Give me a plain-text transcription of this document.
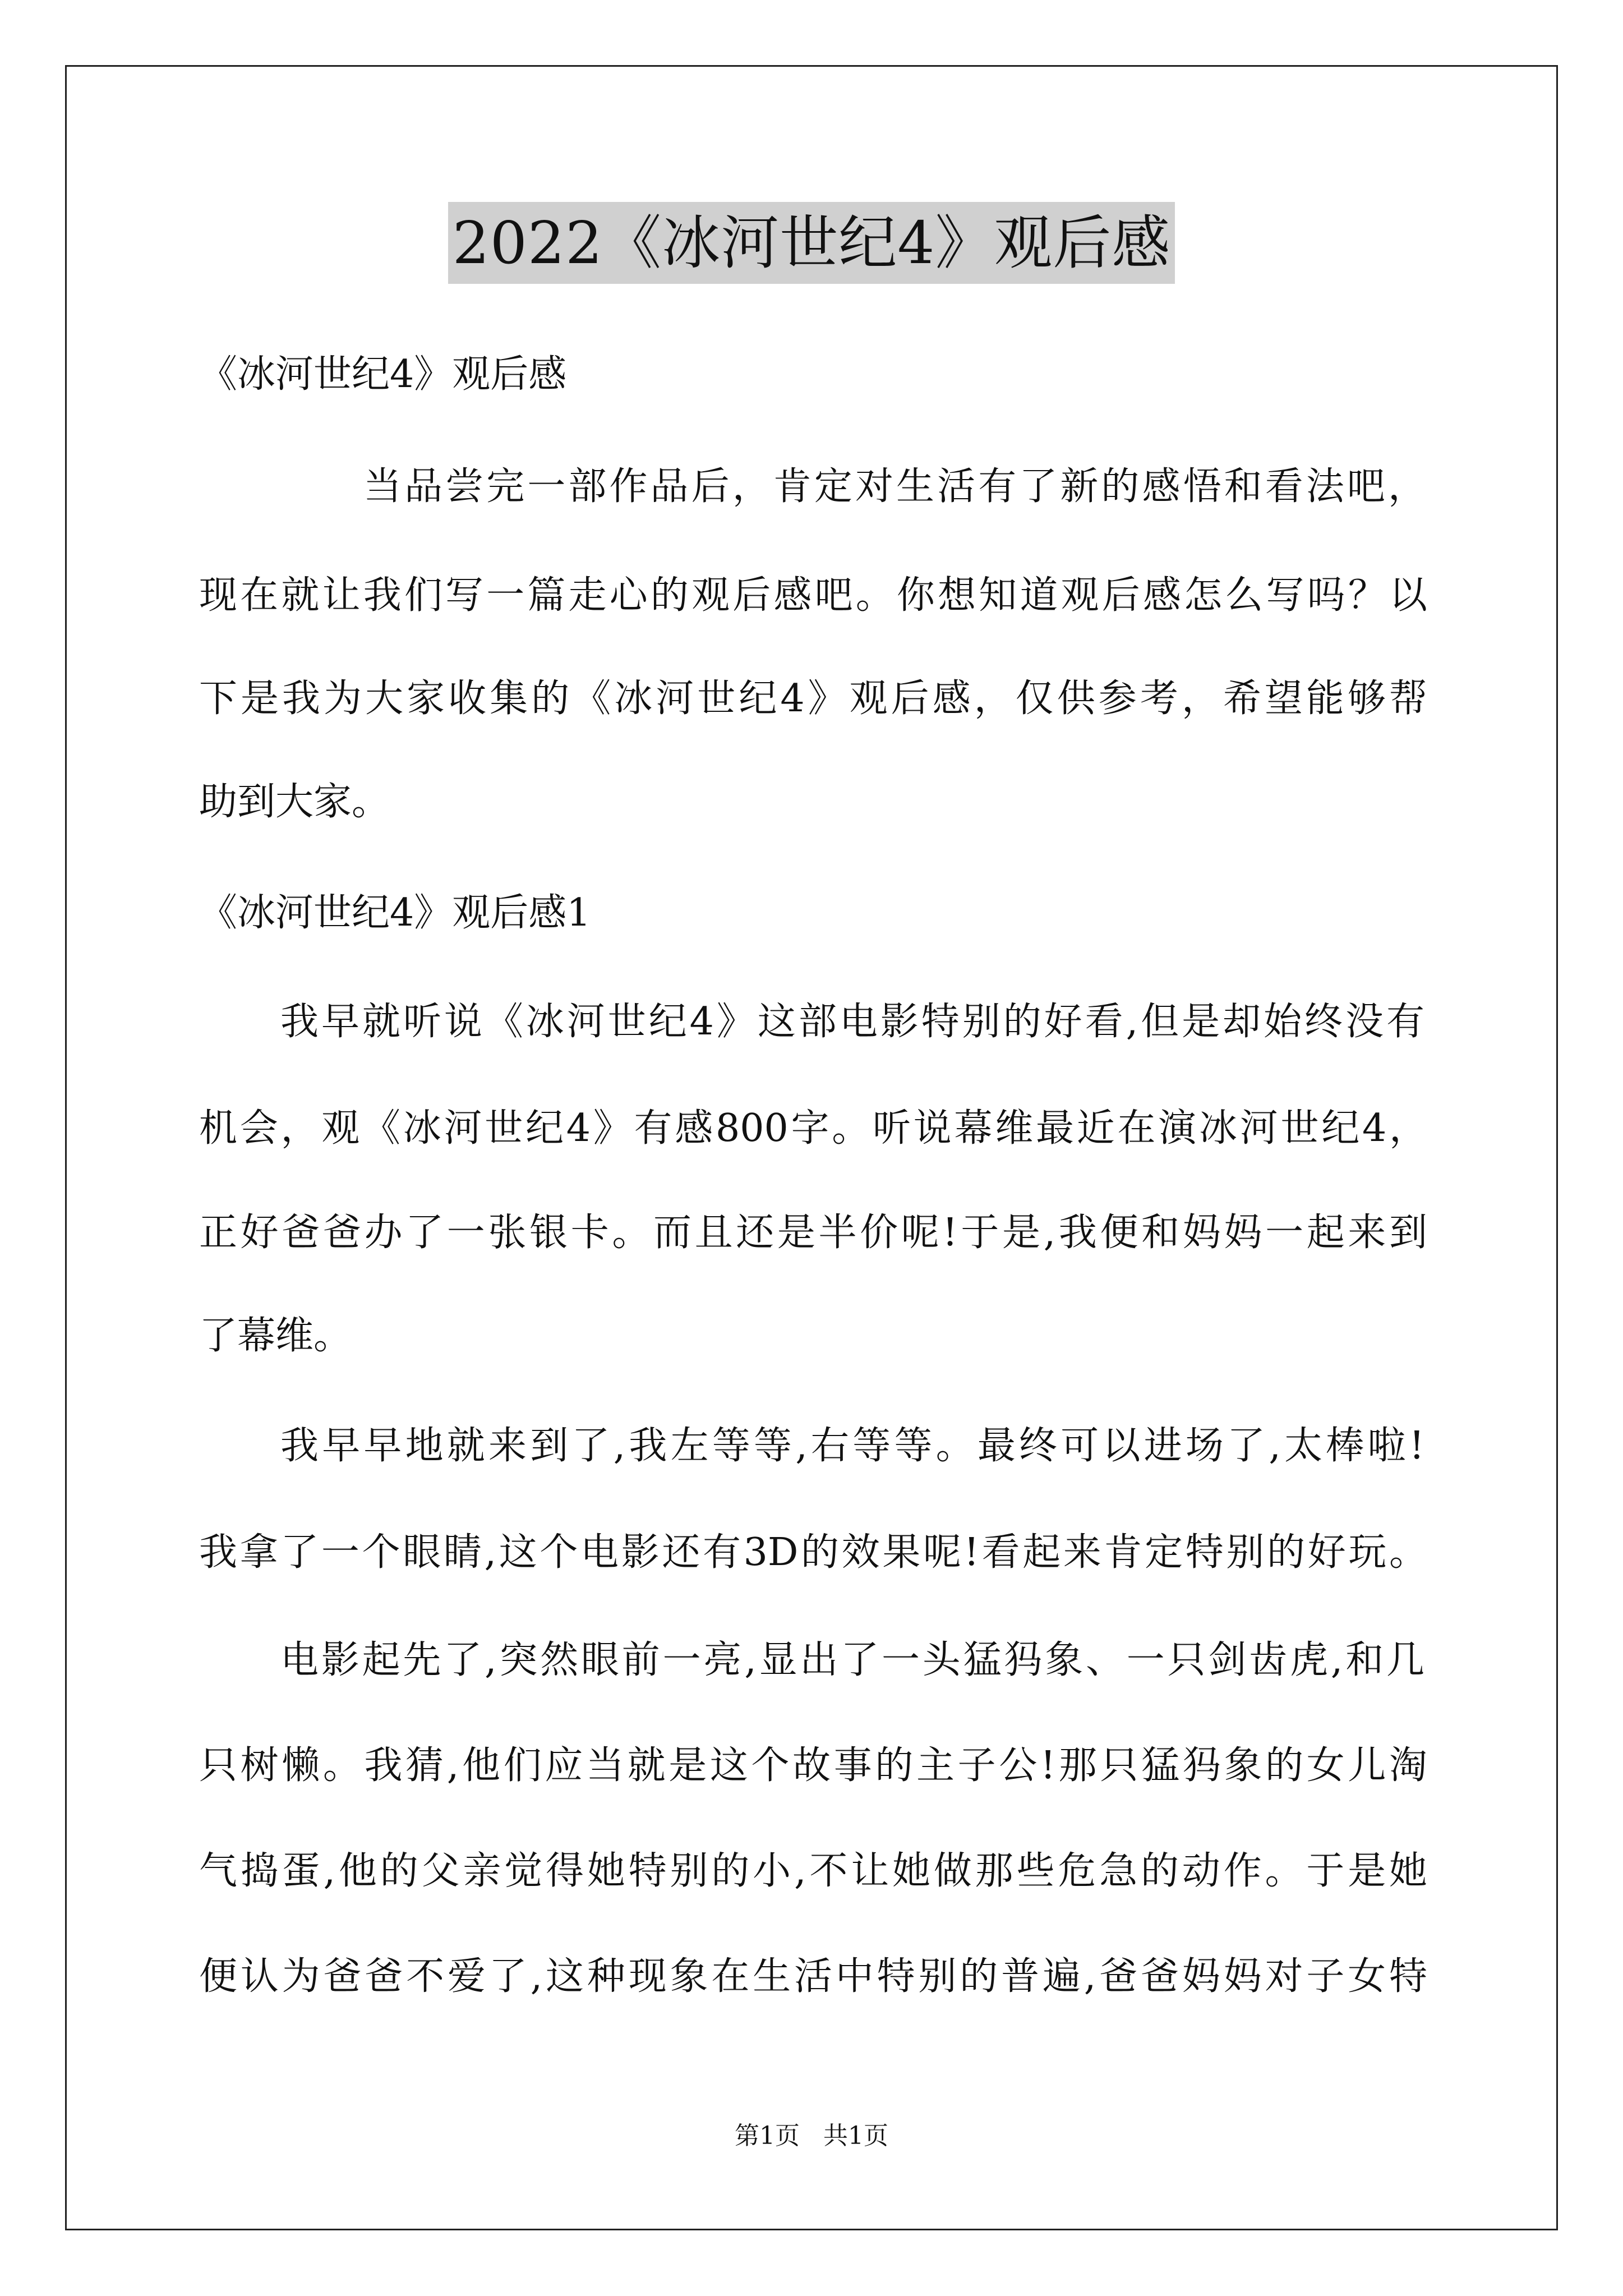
2022《冰河世纪4》观后感
《冰河世纪4》观后感
当品尝完一部作品后，肯定对生活有了新的感悟和看法吧，
现在就让我们写一篇走心的观后感吧。你想知道观后感怎么写吗？以
下是我为大家收集的《冰河世纪4》观后感，仅供参考，希望能够帮
助到大家。
《冰河世纪4》观后感1
我早就听说《冰河世纪4》这部电影特别的好看,但是却始终没有
机会，观《冰河世纪4》有感800字。听说幕维最近在演冰河世纪4，
正好爸爸办了一张银卡。而且还是半价呢!于是,我便和妈妈一起来到
了幕维。
我早早地就来到了,我左等等,右等等。最终可以进场了,太棒啦!
我拿了一个眼睛,这个电影还有3D的效果呢!看起来肯定特别的好玩。
电影起先了,突然眼前一亮,显出了一头猛犸象、一只剑齿虎,和几
只树懒。我猜,他们应当就是这个故事的主子公!那只猛犸象的女儿淘
气捣蛋,他的父亲觉得她特别的小,不让她做那些危急的动作。于是她
便认为爸爸不爱了,这种现象在生活中特别的普遍,爸爸妈妈对子女特
第1页 共1页
